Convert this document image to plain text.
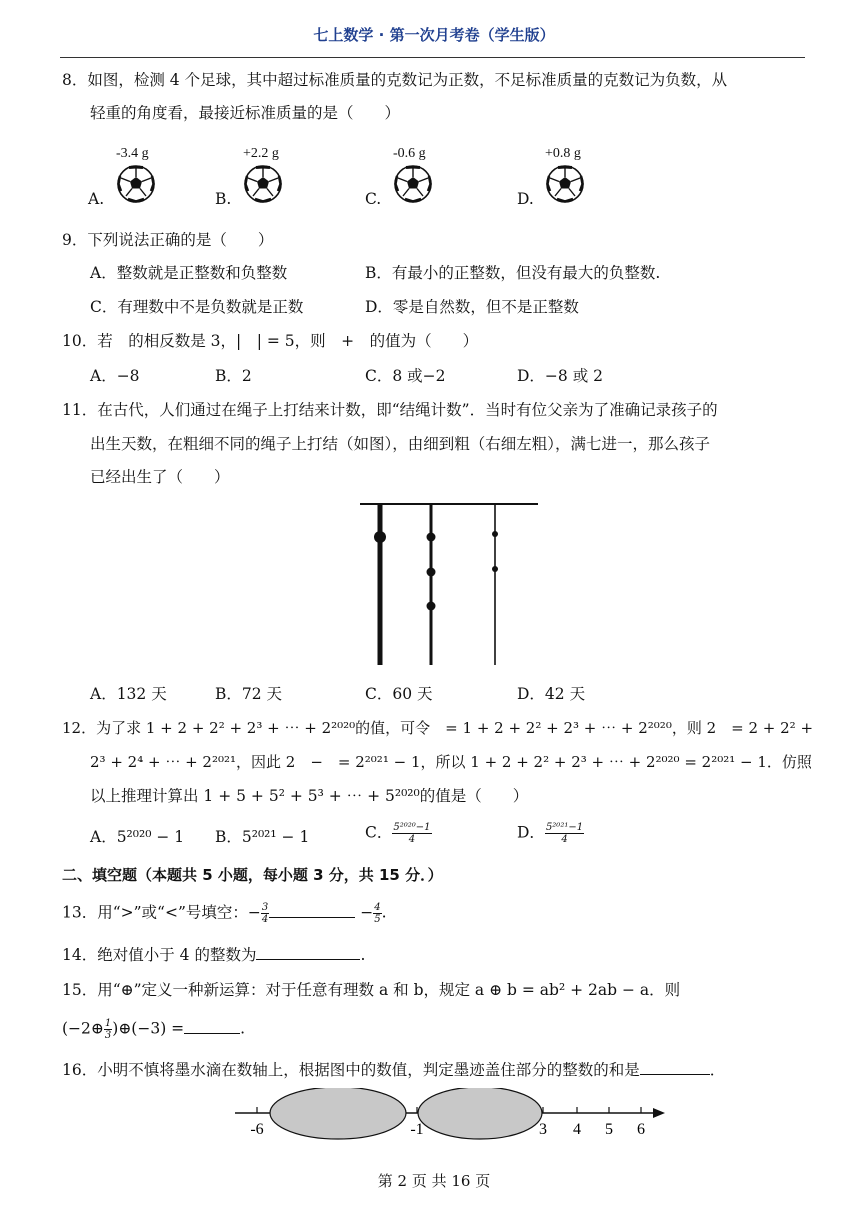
七上数学 · 第一次月考卷（学生版）
8．如图，检测 4 个足球，其中超过标准质量的克数记为正数，不足标准质量的克数记为负数，从
轻重的角度看，最接近标准质量的是（　　）
A.
-3.4 g
B.
+2.2 g
C.
-0.6 g
D.
+0.8 g
9．下列说法正确的是（　　）
A．整数就是正整数和负整数	B．有最小的正整数，但没有最大的负整数.
C．有理数中不是负数就是正数	D．零是自然数，但不是正整数
10．若　的相反数是 3，|　| = 5，则　+　的值为（　　）
A．−8	B．2	C．8 或−2	D．−8 或 2
11．在古代，人们通过在绳子上打结来计数，即“结绳计数”．当时有位父亲为了准确记录孩子的
出生天数，在粗细不同的绳子上打结（如图），由细到粗（右细左粗），满七进一，那么孩子
已经出生了（　　）
A．132 天	B．72 天	C．60 天	D．42 天
12．为了求 1 + 2 + 2² + 2³ + ⋯ + 2²⁰²⁰的值，可令　= 1 + 2 + 2² + 2³ + ⋯ + 2²⁰²⁰，则 2　= 2 + 2² +
2³ + 2⁴ + ⋯ + 2²⁰²¹，因此 2　−　= 2²⁰²¹ − 1，所以 1 + 2 + 2² + 2³ + ⋯ + 2²⁰²⁰ = 2²⁰²¹ − 1．仿照
以上推理计算出 1 + 5 + 5² + 5³ + ⋯ + 5²⁰²⁰的值是（　　）
A．5²⁰²⁰ − 1 B．5²⁰²¹ − 1	C． $\frac{\text{5²⁰²⁰−1}}{4}$	D． $\frac{\text{5²⁰²¹−1}}{4}$
二、填空题（本题共 5 小题，每小题 3 分，共 15 分．）
13．用“>”或“<”号填空：− $\frac{3}{4}$	− $\frac{4}{5}$ .
14．绝对值小于 4 的整数为	.
15．用“⊕”定义一种新运算：对于任意有理数 a 和 b，规定 a ⊕ b = ab² + 2ab − a．则
(−2⊕ $\frac{1}{3}$ )⊕(−3) =	.
16．小明不慎将墨水滴在数轴上，根据图中的数值，判定墨迹盖住部分的整数的和是	．
-6	-1	3 4 5 6
第 2 页 共 16 页
